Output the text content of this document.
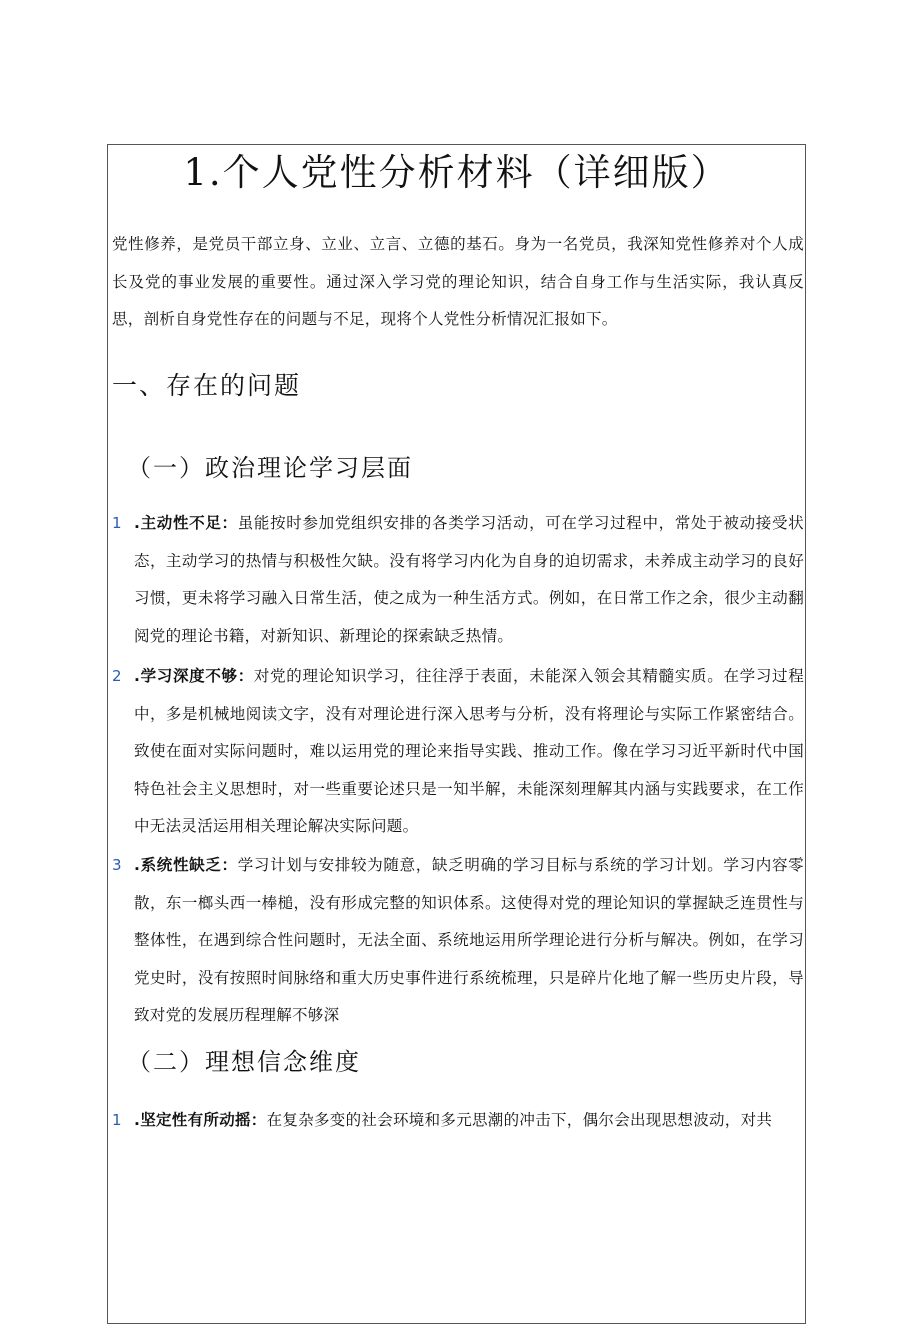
1.个人党性分析材料（详细版）

党性修养，是党员干部立身、立业、立言、立德的基石。身为一名党员，我深知党性修养对个人成长及党的事业发展的重要性。通过深入学习党的理论知识，结合自身工作与生活实际，我认真反思，剖析自身党性存在的问题与不足，现将个人党性分析情况汇报如下。

一、存在的问题
（一）政治理论学习层面
1 .主动性不足：虽能按时参加党组织安排的各类学习活动，可在学习过程中，常处于被动接受状态，主动学习的热情与积极性欠缺。没有将学习内化为自身的迫切需求，未养成主动学习的良好习惯，更未将学习融入日常生活，使之成为一种生活方式。例如，在日常工作之余，很少主动翻阅党的理论书籍，对新知识、新理论的探索缺乏热情。
2 .学习深度不够：对党的理论知识学习，往往浮于表面，未能深入领会其精髓实质。在学习过程中，多是机械地阅读文字，没有对理论进行深入思考与分析，没有将理论与实际工作紧密结合。致使在面对实际问题时，难以运用党的理论来指导实践、推动工作。像在学习习近平新时代中国特色社会主义思想时，对一些重要论述只是一知半解，未能深刻理解其内涵与实践要求，在工作中无法灵活运用相关理论解决实际问题。
3 .系统性缺乏：学习计划与安排较为随意，缺乏明确的学习目标与系统的学习计划。学习内容零散，东一榔头西一棒槌，没有形成完整的知识体系。这使得对党的理论知识的掌握缺乏连贯性与整体性，在遇到综合性问题时，无法全面、系统地运用所学理论进行分析与解决。例如，在学习党史时，没有按照时间脉络和重大历史事件进行系统梳理，只是碎片化地了解一些历史片段，导致对党的发展历程理解不够深
（二）理想信念维度
1 .坚定性有所动摇：在复杂多变的社会环境和多元思潮的冲击下，偶尔会出现思想波动，对共
